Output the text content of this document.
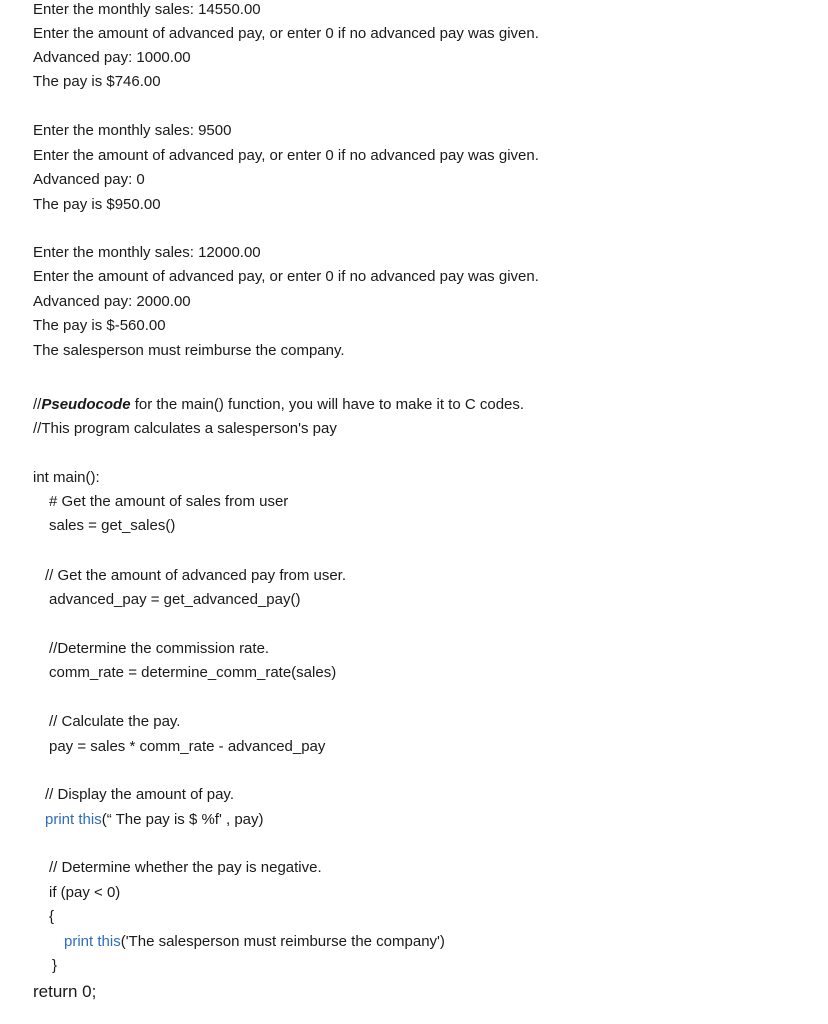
Enter the monthly sales: 14550.00
Enter the amount of advanced pay, or enter 0 if no advanced pay was given.
Advanced pay: 1000.00
The pay is $746.00
Enter the monthly sales: 9500
Enter the amount of advanced pay, or enter 0 if no advanced pay was given.
Advanced pay: 0
The pay is $950.00
Enter the monthly sales: 12000.00
Enter the amount of advanced pay, or enter 0 if no advanced pay was given.
Advanced pay: 2000.00
The pay is $-560.00
The salesperson must reimburse the company.
//Pseudocode for the main() function, you will have to make it to C codes.
//This program calculates a salesperson's pay
int main():
# Get the amount of sales from user
sales = get_sales()
// Get the amount of advanced pay from user.
advanced_pay = get_advanced_pay()
//Determine the commission rate.
comm_rate = determine_comm_rate(sales)
// Calculate the pay.
pay = sales * comm_rate - advanced_pay
// Display the amount of pay.
print this(“ The pay is $ %f' , pay)
// Determine whether the pay is negative.
if (pay < 0)
{
print this('The salesperson must reimburse the company')
}
return 0;
